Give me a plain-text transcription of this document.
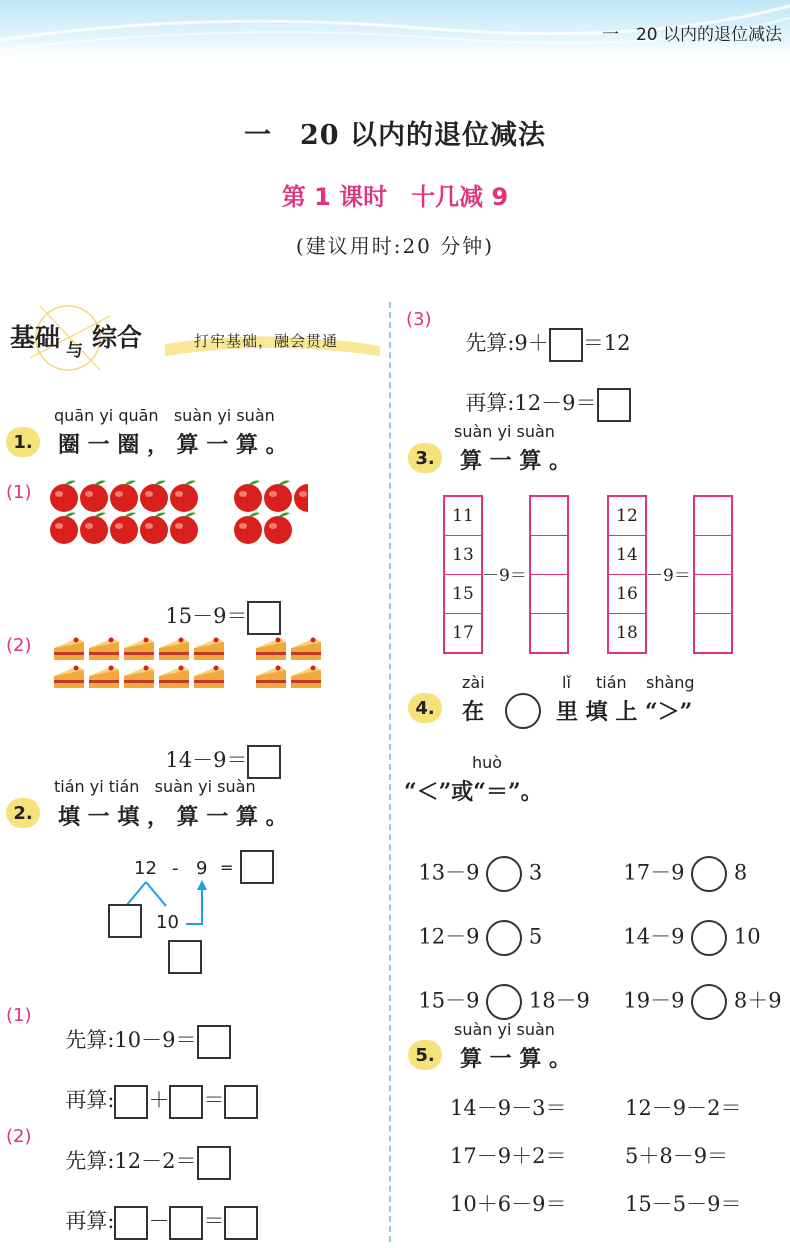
一　20 以内的退位减法
一　20 以内的退位减法
第 1 课时　十几减 9
(建议用时:20 分钟)
基础 与 综合	打牢基础，融会贯通
quān yi quān   suàn yi suàn
1.	圈 一 圈 ， 算 一 算 。
(1)

15－9＝

(2)

14－9＝

tián yi tián   suàn yi suàn
2.	填 一 填 ， 算 一 算 。
12 - 9 =
10
(1)

先算:10－9＝

再算: ＋ ＝

(2)

先算:12－2＝

再算: － ＝

(3)

先算:9＋ ＝12

再算:12－9＝

suàn yi suàn
3.	算 一 算 。
11
13
15
17
－9＝
12
14
16
18
－9＝
zài	lǐ tián shàng
4.	在	里 填 上 “＞”
huò
“＜”或“＝”。

13－9 3	17－9 8

12－9 5	14－9 10

15－9 18－9	19－9 8＋9

suàn yi suàn
5.	算 一 算 。
14－9－3＝	12－9－2＝
17－9＋2＝	5＋8－9＝
10＋6－9＝	15－5－9＝
